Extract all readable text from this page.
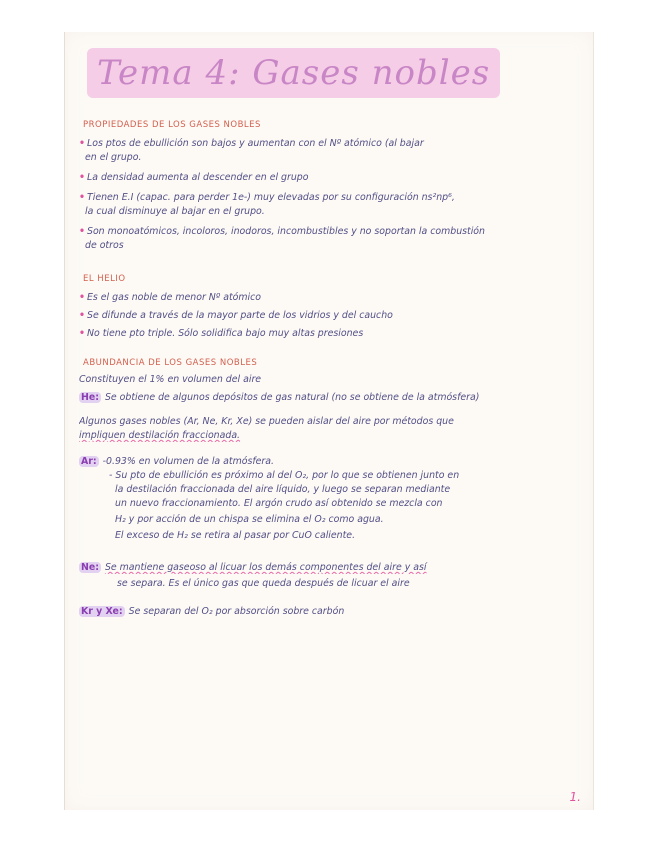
Tema 4: Gases nobles
PROPIEDADES DE LOS GASES NOBLES
• Los ptos de ebullición son bajos y aumentan con el Nº atómico (al bajar
en el grupo.
• La densidad aumenta al descender en el grupo
• Tienen E.I (capac. para perder 1e-) muy elevadas por su configuración ns²np⁶,
la cual disminuye al bajar en el grupo.
• Son monoatómicos, incoloros, inodoros, incombustibles y no soportan la combustión
de otros
EL HELIO
• Es el gas noble de menor Nº atómico
• Se difunde a través de la mayor parte de los vidrios y del caucho
• No tiene pto triple. Sólo solidifica bajo muy altas presiones
ABUNDANCIA DE LOS GASES NOBLES
Constituyen el 1% en volumen del aire
He: Se obtiene de algunos depósitos de gas natural (no se obtiene de la atmósfera)
Algunos gases nobles (Ar, Ne, Kr, Xe) se pueden aislar del aire por métodos que
impliquen destilación fraccionada.
Ar: -0.93% en volumen de la atmósfera.
- Su pto de ebullición es próximo al del O₂, por lo que se obtienen junto en
la destilación fraccionada del aire líquido, y luego se separan mediante
un nuevo fraccionamiento. El argón crudo así obtenido se mezcla con
H₂ y por acción de un chispa se elimina el O₂ como agua.
El exceso de H₂ se retira al pasar por CuO caliente.
Ne: Se mantiene gaseoso al licuar los demás componentes del aire y así
se separa. Es el único gas que queda después de licuar el aire
Kr y Xe: Se separan del O₂ por absorción sobre carbón
1.
